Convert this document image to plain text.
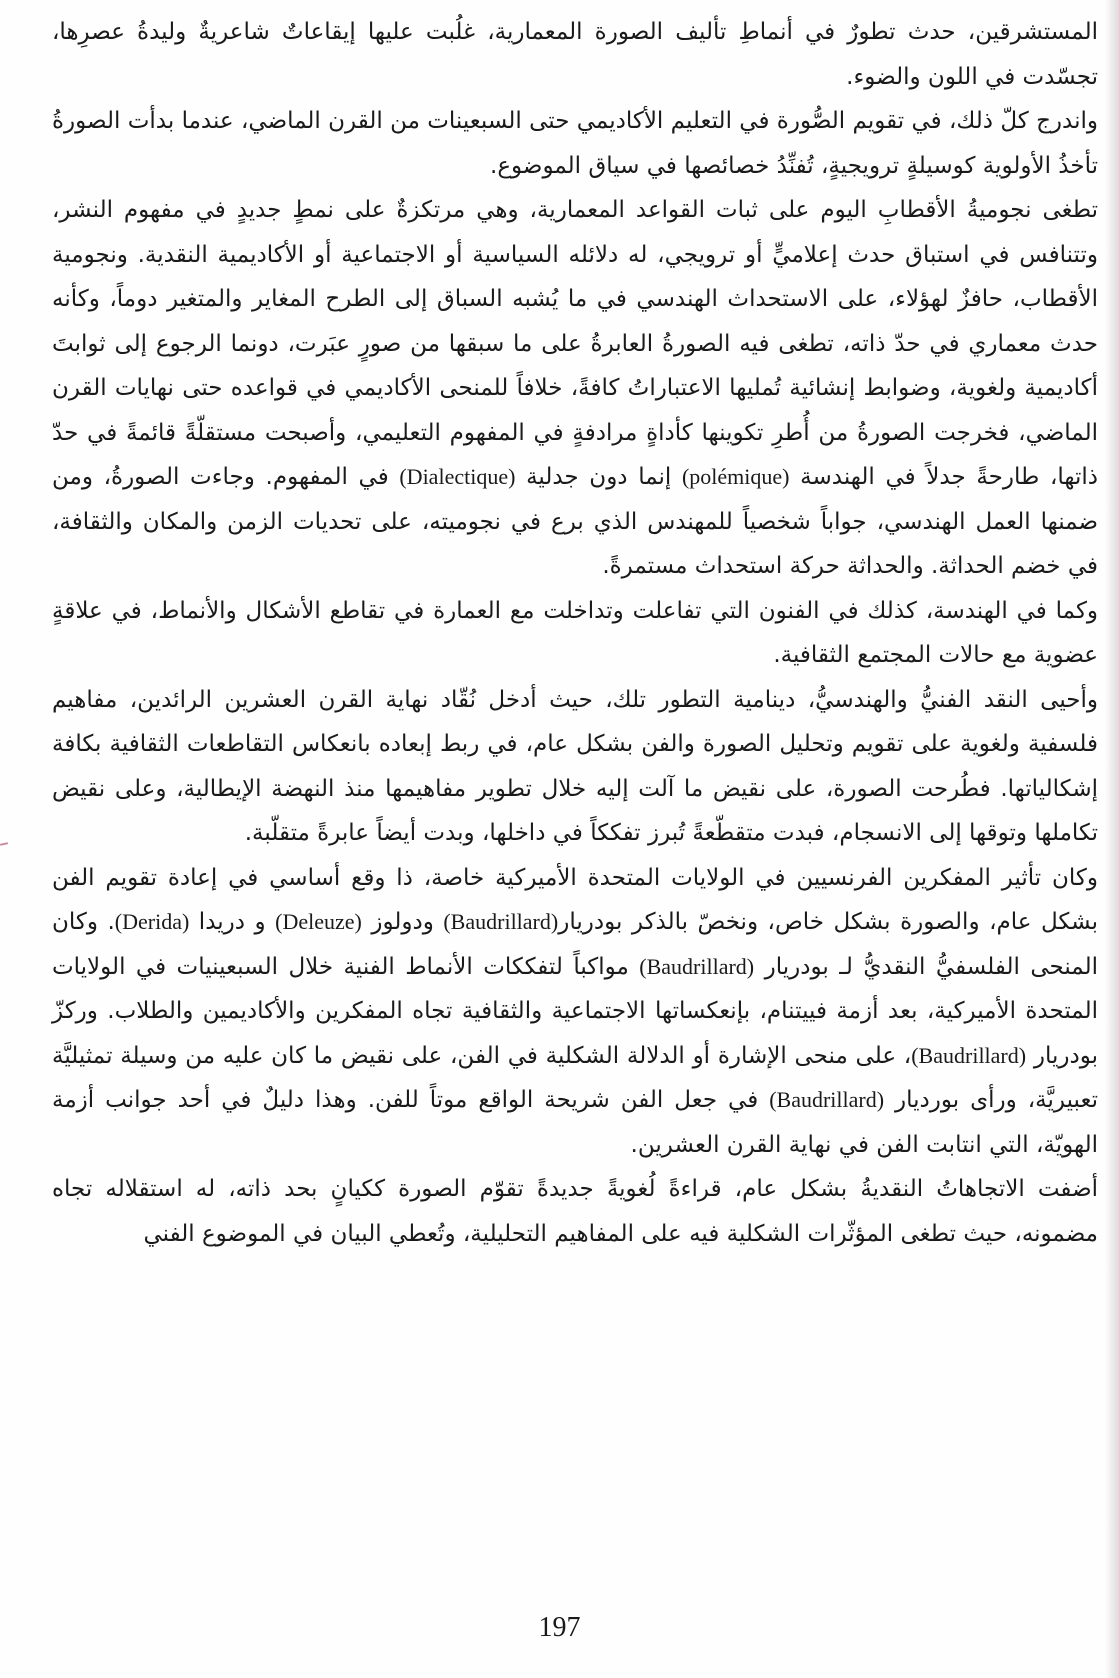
المستشرقين، حدث تطورٌ في أنماطِ تأليف الصورة المعمارية، غلُبت عليها إيقاعاتٌ شاعريةٌ وليدةُ عصرِها، تجسّدت في اللون والضوء.

واندرج كلّ ذلك، في تقويم الصُّورة في التعليم الأكاديمي حتى السبعينات من القرن الماضي، عندما بدأت الصورةُ تأخذُ الأولوية كوسيلةٍ ترويجيةٍ، تُفنِّدُ خصائصها في سياق الموضوع.

تطغى نجوميةُ الأقطابِ اليوم على ثبات القواعد المعمارية، وهي مرتكزةٌ على نمطٍ جديدٍ في مفهوم النشر، وتتنافس في استباق حدث إعلاميٍّ أو ترويجي، له دلائله السياسية أو الاجتماعية أو الأكاديمية النقدية. ونجومية الأقطاب، حافزٌ لهؤلاء، على الاستحداث الهندسي في ما يُشبه السباق إلى الطرح المغاير والمتغير دوماً، وكأنه حدث معماري في حدّ ذاته، تطغى فيه الصورةُ العابرةُ على ما سبقها من صورٍ عبَرت، دونما الرجوع إلى ثوابتَ أكاديمية ولغوية، وضوابط إنشائية تُمليها الاعتباراتُ كافةً، خلافاً للمنحى الأكاديمي في قواعده حتى نهايات القرن الماضي، فخرجت الصورةُ من أُطرِ تكوينها كأداةٍ مرادفةٍ في المفهوم التعليمي، وأصبحت مستقلّةً قائمةً في حدّ ذاتها، طارحةً جدلاً في الهندسة (polémique) إنما دون جدلية (Dialectique) في المفهوم. وجاءت الصورةُ، ومن ضمنها العمل الهندسي، جواباً شخصياً للمهندس الذي برع في نجوميته، على تحديات الزمن والمكان والثقافة، في خضم الحداثة. والحداثة حركة استحداث مستمرةً.

وكما في الهندسة، كذلك في الفنون التي تفاعلت وتداخلت مع العمارة في تقاطع الأشكال والأنماط، في علاقةٍ عضوية مع حالات المجتمع الثقافية.

وأحيى النقد الفنيُّ والهندسيُّ، دينامية التطور تلك، حيث أدخل نُقّاد نهاية القرن العشرين الرائدين، مفاهيم فلسفية ولغوية على تقويم وتحليل الصورة والفن بشكل عام، في ربط إبعاده بانعكاس التقاطعات الثقافية بكافة إشكالياتها. فطُرحت الصورة، على نقيض ما آلت إليه خلال تطوير مفاهيمها منذ النهضة الإيطالية، وعلى نقيض تكاملها وتوقها إلى الانسجام، فبدت متقطّعةً تُبرز تفككاً في داخلها، وبدت أيضاً عابرةً متقلّبة.

وكان تأثير المفكرين الفرنسيين في الولايات المتحدة الأميركية خاصة، ذا وقع أساسي في إعادة تقويم الفن بشكل عام، والصورة بشكل خاص، ونخصّ بالذكر بودريار(Baudrillard) ودولوز (Deleuze) و دريدا (Derida). وكان المنحى الفلسفيُّ النقديُّ لـ بودريار (Baudrillard) مواكباً لتفككات الأنماط الفنية خلال السبعينيات في الولايات المتحدة الأميركية، بعد أزمة فييتنام، بإنعكساتها الاجتماعية والثقافية تجاه المفكرين والأكاديمين والطلاب. وركزّ بودريار (Baudrillard)، على منحى الإشارة أو الدلالة الشكلية في الفن، على نقيض ما كان عليه من وسيلة تمثيليَّة تعبيريَّة، ورأى بورديار (Baudrillard) في جعل الفن شريحة الواقع موتاً للفن. وهذا دليلٌ في أحد جوانب أزمة الهويّة، التي انتابت الفن في نهاية القرن العشرين.

أضفت الاتجاهاتُ النقديةُ بشكل عام، قراءةً لُغويةً جديدةً تقوّم الصورة ككيانٍ بحد ذاته، له استقلاله تجاه مضمونه، حيث تطغى المؤثّرات الشكلية فيه على المفاهيم التحليلية، وتُعطي البيان في الموضوع الفني

197
